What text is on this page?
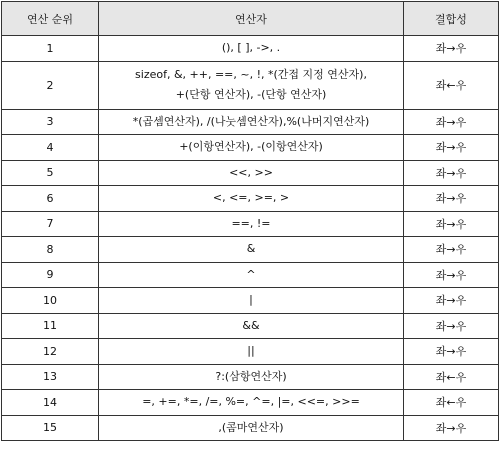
연산 순위	연산자	결합성
1	(), [ ], ->, .	좌→우
2	sizeof, &, ++, ==, ~, !, *(간접 지정 연산자),
+(단항 연산자), -(단항 연산자)	좌←우
3	*(곱셈연산자), /(나눗셈연산자),%(나머지연산자)	좌→우
4	+(이항연산자), -(이항연산자)	좌→우
5	<<, >>	좌→우
6	<, <=, >=, >	좌→우
7	==, !=	좌→우
8	&	좌→우
9	^	좌→우
10	|	좌→우
11	&&	좌→우
12	||	좌→우
13	?:(삼항연산자)	좌←우
14	=, +=, *=, /=, %=, ^=, |=, <<=, >>=	좌←우
15	,(콤마연산자)	좌→우
